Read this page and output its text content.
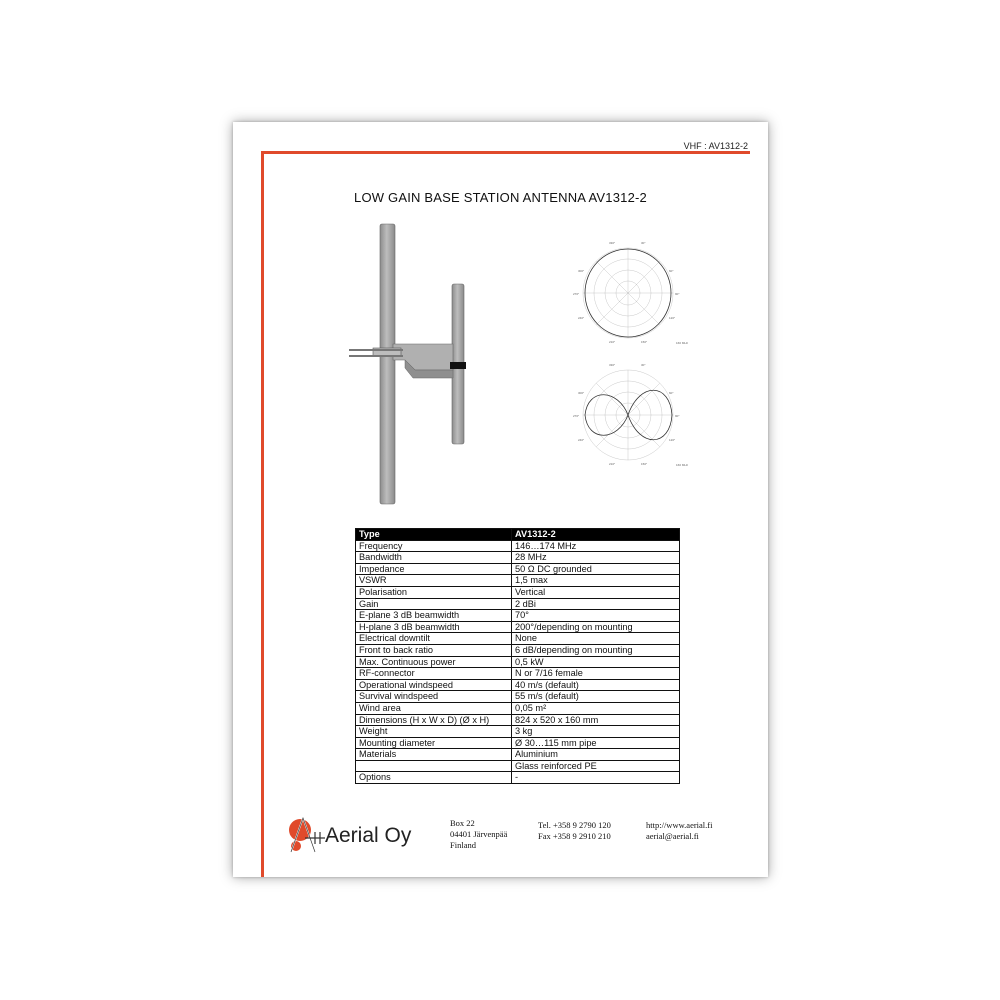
VHF : AV1312-2
LOW GAIN BASE STATION ANTENNA AV1312-2
330°	30°
300°	60°
270°	90°
240°	120°
210°	150°	160 MHz
330°	30°
300°	60°
270°	90°
240°	120°
210°	150°	160 MHz
Type	AV1312-2
Frequency	146…174 MHz
Bandwidth	28 MHz
Impedance	50 Ω DC grounded
VSWR	1,5 max
Polarisation	Vertical
Gain	2 dBi
E-plane 3 dB beamwidth	70°
H-plane 3 dB beamwidth	200°/depending on mounting
Electrical downtilt	None
Front to back ratio	6 dB/depending on mounting
Max. Continuous power	0,5 kW
RF-connector	N or 7/16 female
Operational windspeed	40 m/s (default)
Survival windspeed	55 m/s (default)
Wind area	0,05 m²
Dimensions (H x W x D) (Ø x H)	824 x 520 x 160 mm
Weight	3 kg
Mounting diameter	Ø 30…115 mm pipe
Materials	Aluminium
	Glass reinforced PE
Options	-
Aerial Oy
Box 22
04401 Järvenpää
Finland
Tel. +358 9 2790 120
Fax +358 9 2910 210
http://www.aerial.fi
aerial@aerial.fi
